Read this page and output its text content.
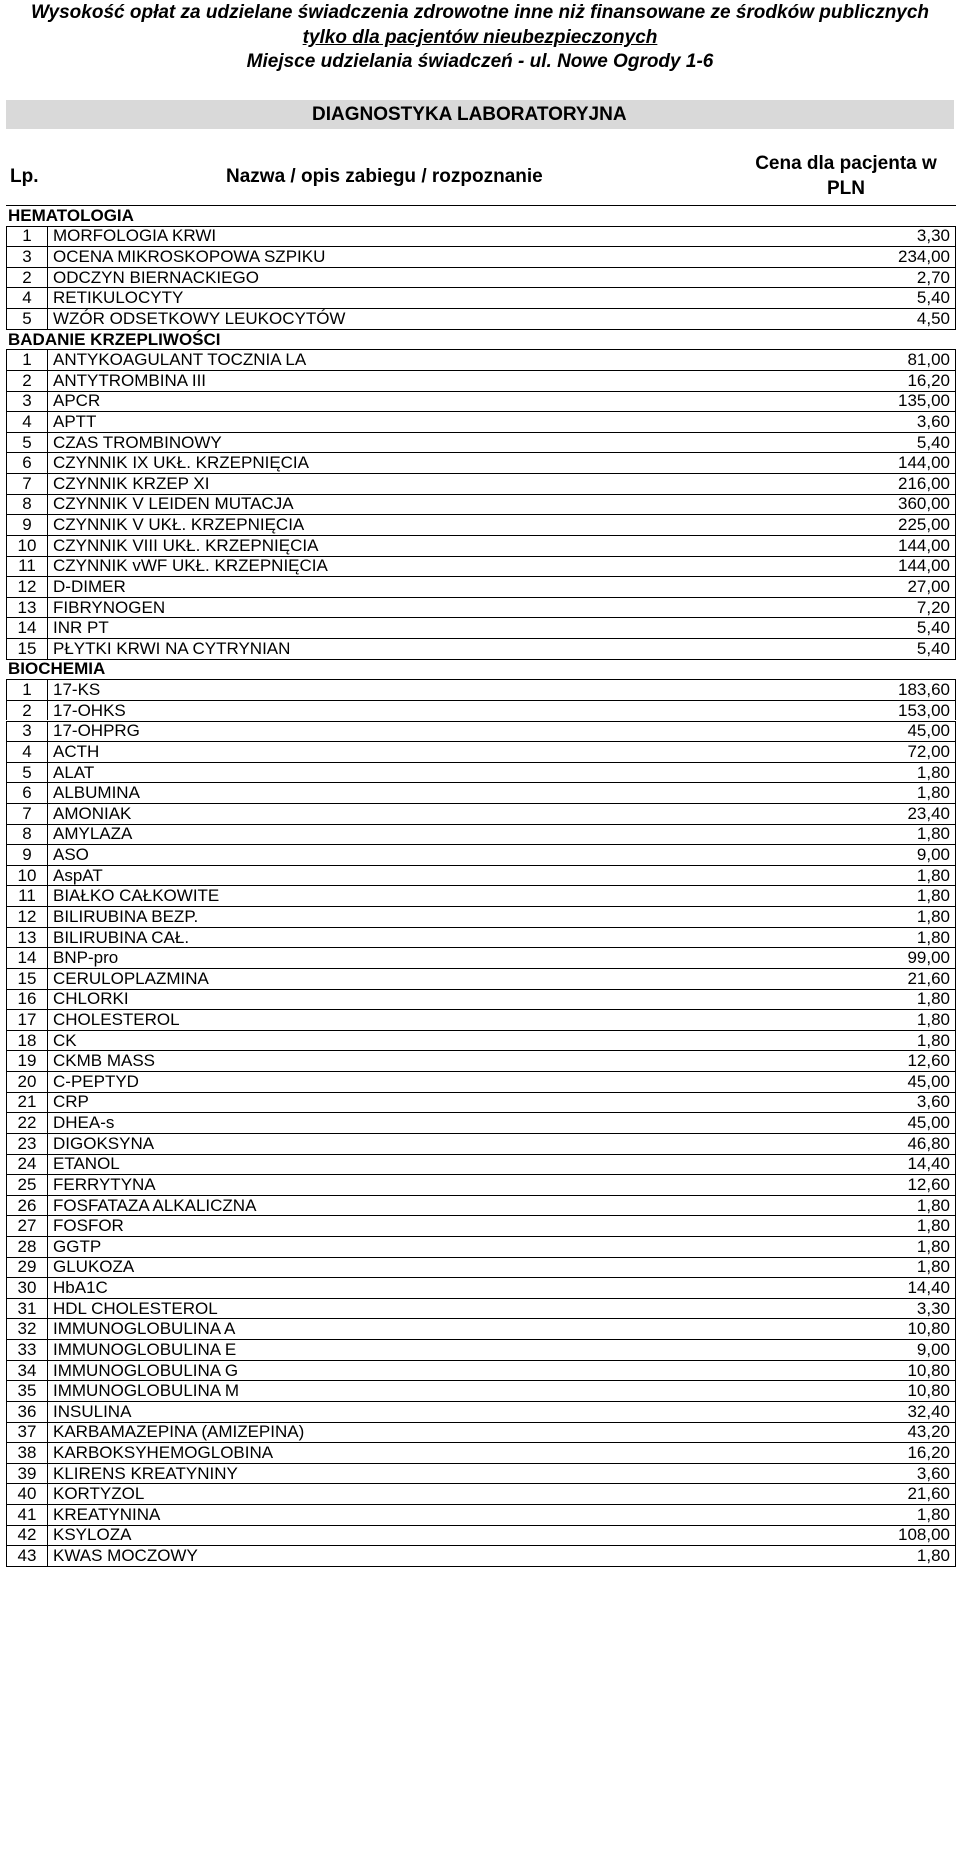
Wysokość opłat za udzielane świadczenia zdrowotne inne niż finansowane ze środków publicznych
tylko dla pacjentów nieubezpieczonych
Miejsce udzielania świadczeń - ul. Nowe Ogrody 1-6
DIAGNOSTYKA LABORATORYJNA
Lp.	Nazwa / opis zabiegu / rozpoznanie
Cena dla pacjenta w PLN
HEMATOLOGIA
1	MORFOLOGIA KRWI	3,30
3	OCENA MIKROSKOPOWA SZPIKU	234,00
2	ODCZYN BIERNACKIEGO	2,70
4	RETIKULOCYTY	5,40
5	WZÓR ODSETKOWY LEUKOCYTÓW	4,50
BADANIE KRZEPLIWOŚCI
1	ANTYKOAGULANT TOCZNIA LA	81,00
2	ANTYTROMBINA III	16,20
3	APCR	135,00
4	APTT	3,60
5	CZAS TROMBINOWY	5,40
6	CZYNNIK IX UKŁ. KRZEPNIĘCIA	144,00
7	CZYNNIK KRZEP XI	216,00
8	CZYNNIK V LEIDEN MUTACJA	360,00
9	CZYNNIK V UKŁ. KRZEPNIĘCIA	225,00
10 CZYNNIK VIII UKŁ. KRZEPNIĘCIA	144,00
11	CZYNNIK vWF UKŁ. KRZEPNIĘCIA	144,00
12 D-DIMER	27,00
13 FIBRYNOGEN	7,20
14 INR PT	5,40
15 PŁYTKI KRWI NA CYTRYNIAN	5,40
BIOCHEMIA
1	17-KS	183,60
2	17-OHKS	153,00
3	17-OHPRG	45,00
4	ACTH	72,00
5	ALAT	1,80
6	ALBUMINA	1,80
7	AMONIAK	23,40
8	AMYLAZA	1,80
9	ASO	9,00
10 AspAT	1,80
11	BIAŁKO CAŁKOWITE	1,80
12 BILIRUBINA BEZP.	1,80
13 BILIRUBINA CAŁ.	1,80
14 BNP-pro	99,00
15 CERULOPLAZMINA	21,60
16 CHLORKI	1,80
17 CHOLESTEROL	1,80
18 CK	1,80
19 CKMB MASS	12,60
20 C-PEPTYD	45,00
21 CRP	3,60
22 DHEA-s	45,00
23 DIGOKSYNA	46,80
24 ETANOL	14,40
25 FERRYTYNA	12,60
26 FOSFATAZA ALKALICZNA	1,80
27 FOSFOR	1,80
28 GGTP	1,80
29 GLUKOZA	1,80
30 HbA1C	14,40
31 HDL CHOLESTEROL	3,30
32 IMMUNOGLOBULINA A	10,80
33 IMMUNOGLOBULINA E	9,00
34 IMMUNOGLOBULINA G	10,80
35 IMMUNOGLOBULINA M	10,80
36 INSULINA	32,40
37 KARBAMAZEPINA (AMIZEPINA)	43,20
38 KARBOKSYHEMOGLOBINA	16,20
39 KLIRENS KREATYNINY	3,60
40 KORTYZOL	21,60
41 KREATYNINA	1,80
42 KSYLOZA	108,00
43 KWAS MOCZOWY	1,80
